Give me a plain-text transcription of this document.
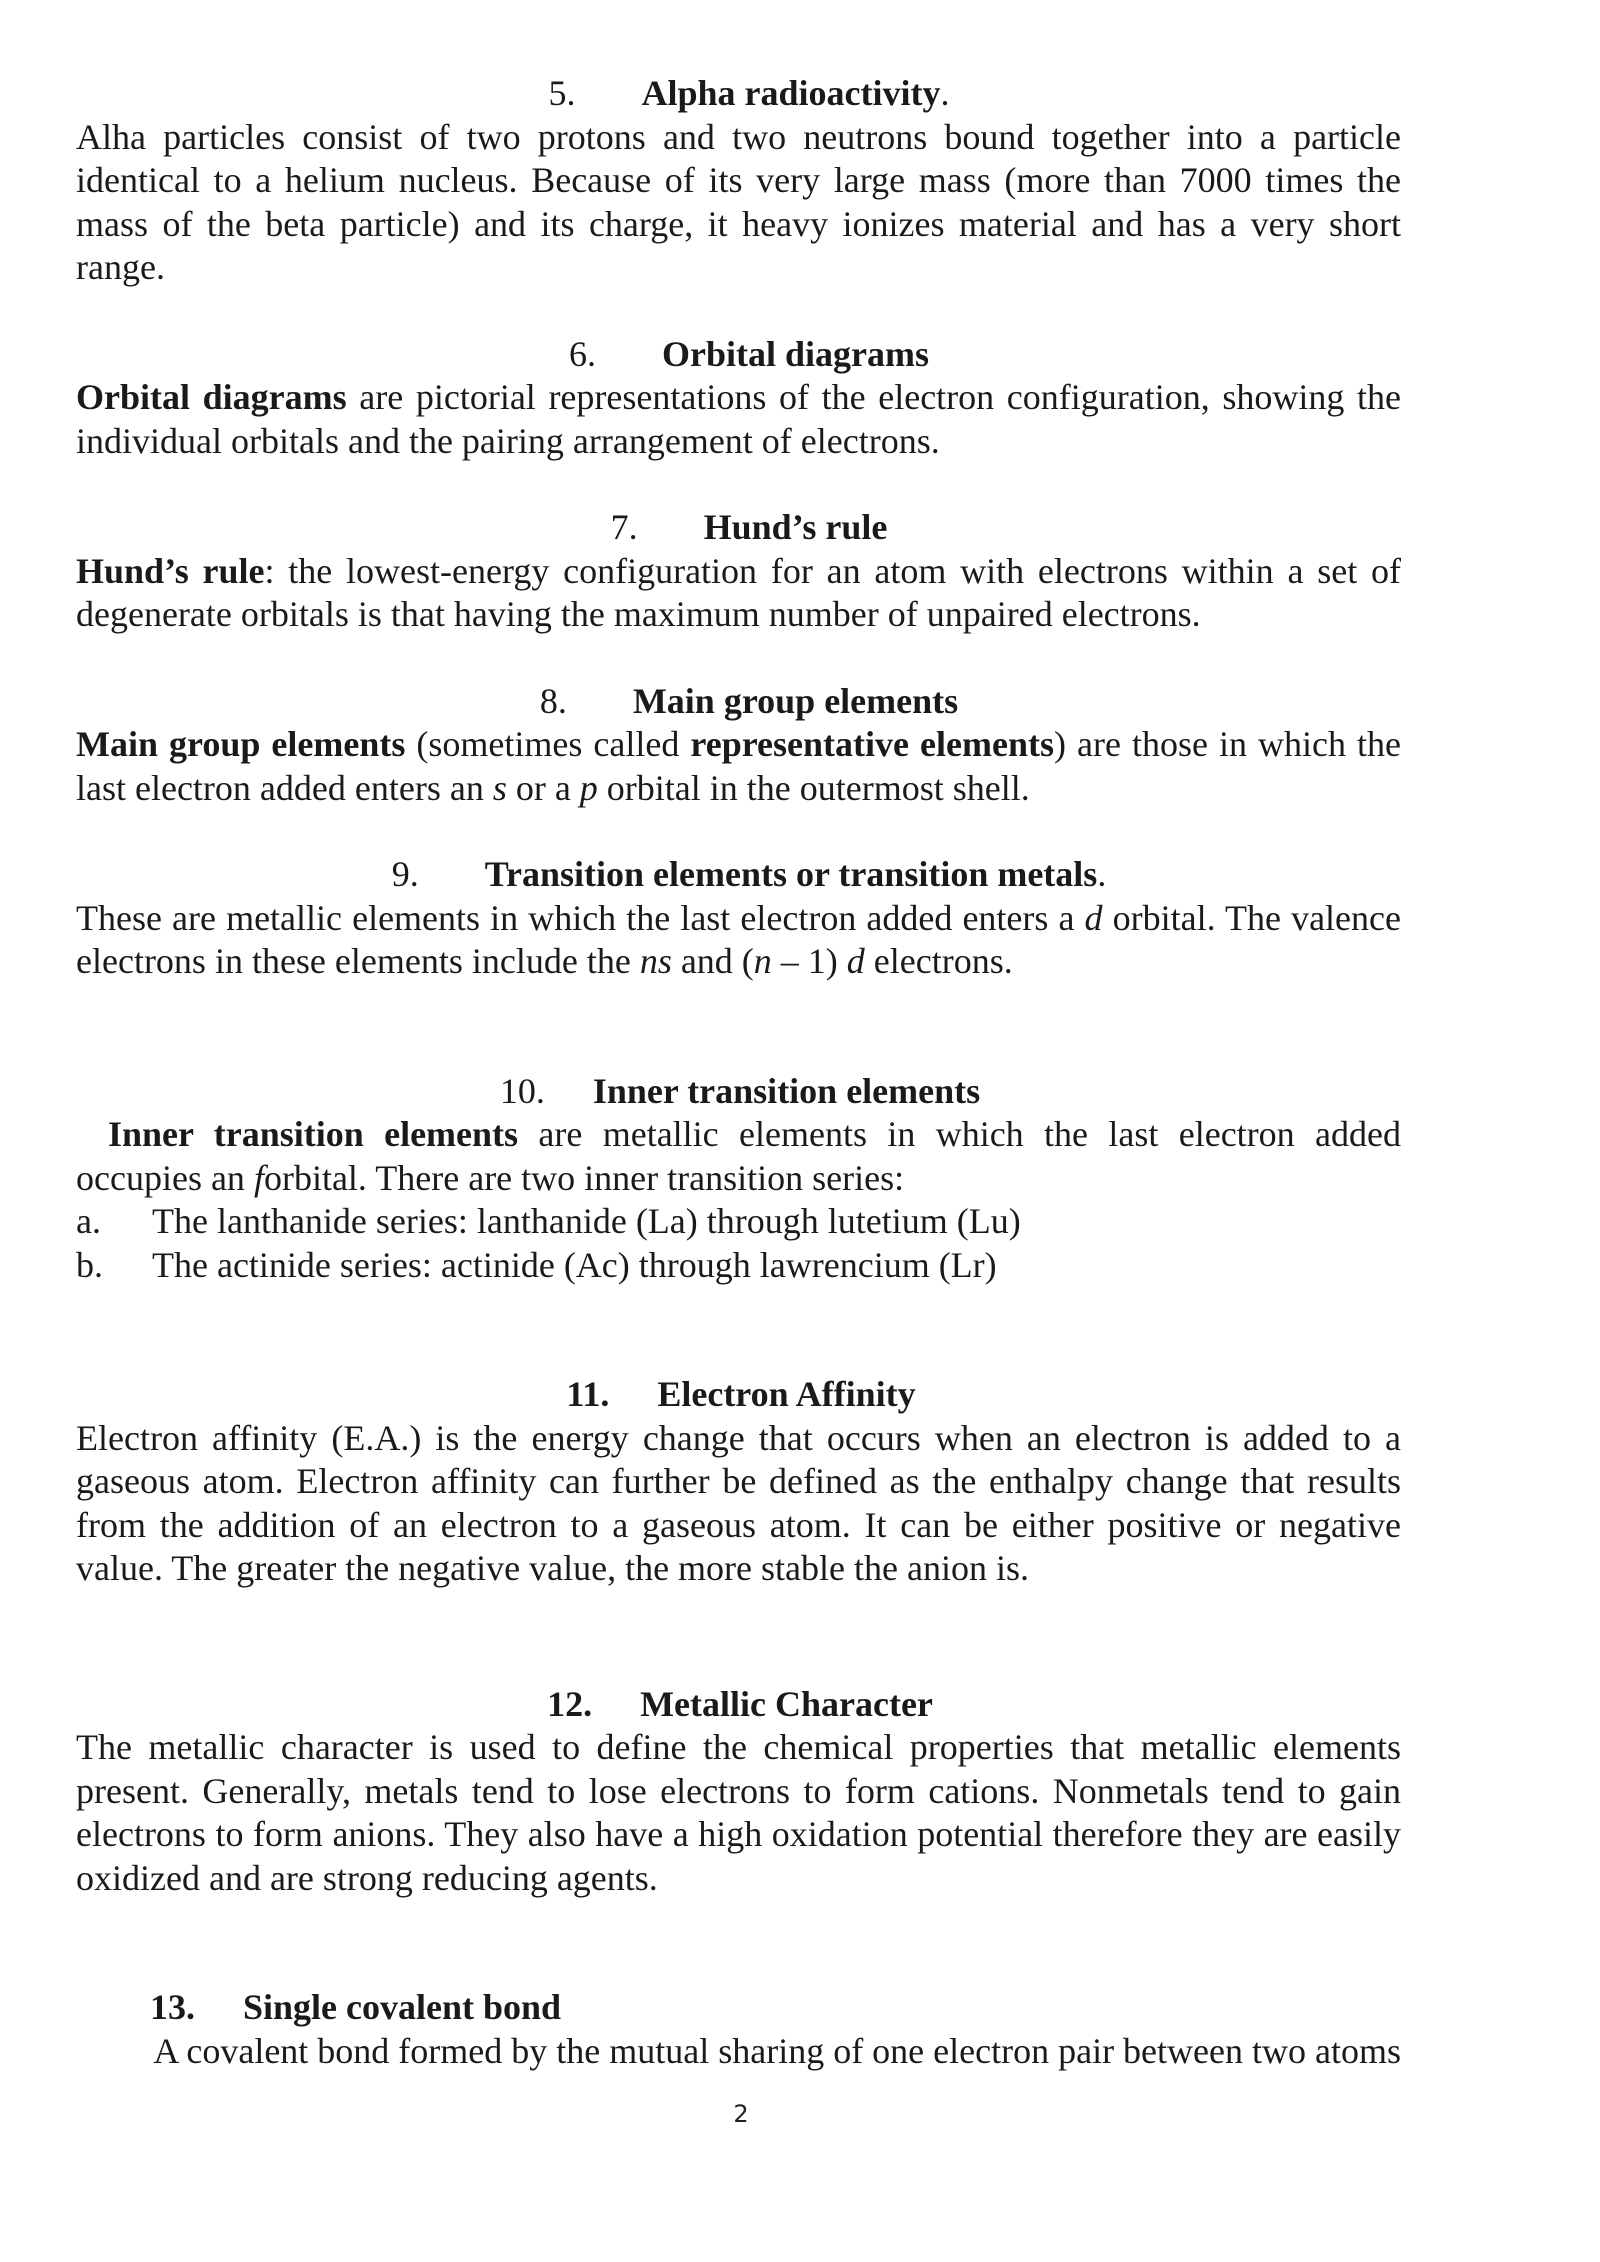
5. Alpha radioactivity.

Alha particles consist of two protons and two neutrons bound together into a particle identical to a helium nucleus. Because of its very large mass (more than 7000 times the mass of the beta particle) and its charge, it heavy ionizes material and has a very short range.

6. Orbital diagrams

Orbital diagrams are pictorial representations of the electron configuration, showing the individual orbitals and the pairing arrangement of electrons.

7. Hund’s rule

Hund’s rule: the lowest-energy configuration for an atom with electrons within a set of degenerate orbitals is that having the maximum number of unpaired electrons.

8. Main group elements

Main group elements (sometimes called representative elements) are those in which the last electron added enters an s or a p orbital in the outermost shell.

9. Transition elements or transition metals.

These are metallic elements in which the last electron added enters a d orbital. The valence electrons in these elements include the ns and (n – 1) d electrons.

10. Inner transition elements

Inner transition elements are metallic elements in which the last electron added occupies an forbital. There are two inner transition series:

a.	The lanthanide series: lanthanide (La) through lutetium (Lu)
b.	The actinide series: actinide (Ac) through lawrencium (Lr)
11. Electron Affinity

Electron affinity (E.A.) is the energy change that occurs when an electron is added to a gaseous atom. Electron affinity can further be defined as the enthalpy change that results from the addition of an electron to a gaseous atom. It can be either positive or negative value. The greater the negative value, the more stable the anion is.

12. Metallic Character

The metallic character is used to define the chemical properties that metallic elements present. Generally, metals tend to lose electrons to form cations. Nonmetals tend to gain electrons to form anions. They also have a high oxidation potential therefore they are easily oxidized and are strong reducing agents.

13. Single covalent bond

A covalent bond formed by the mutual sharing of one electron pair between two atoms

2
